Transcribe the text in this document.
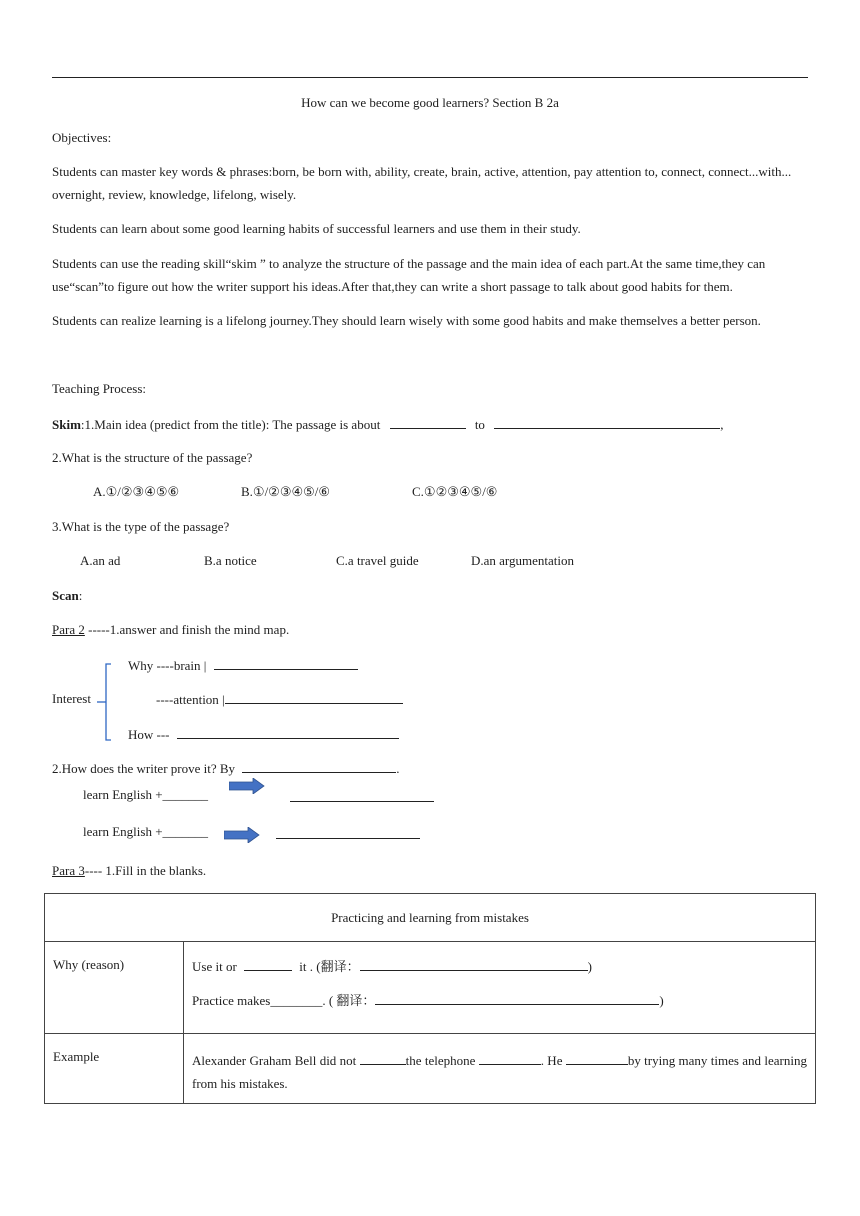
How can we become good learners? Section B 2a
Objectives:
Students can master key words & phrases:born, be born with, ability, create, brain, active, attention, pay attention to, connect, connect...with... overnight, review, knowledge, lifelong, wisely.
Students can learn about some good learning habits of successful learners and use them in their study.
Students can use the reading skill“skim ” to analyze the structure of the passage and the main idea of each part.At the same time,they can use“scan”to figure out how the writer support his ideas.After that,they can write a short passage to talk about good habits for them.
Students can realize learning is a lifelong journey.They should learn wisely with some good habits and make themselves a better person.
Teaching Process:
Skim:1.Main idea (predict from the title): The passage is about	to	,
2.What is the structure of the passage?
A.①/②③④⑤⑥	B.①/②③④⑤/⑥	C.①②③④⑤/⑥
3.What is the type of the passage?
A.an ad	B.a notice	C.a travel guide	D.an argumentation
Scan:
Para 2 -----1.answer and finish the mind map.
Interest
Why ----brain |
----attention |
How ---
2.How does the writer prove it? By	.
learn English +_______
learn English +_______
Para 3---- 1.Fill in the blanks.
Practicing and learning from mistakes	
Why (reason)	Use it or it . (翻译： )
Practice makes________. ( 翻译： )

Example	Alexander Graham Bell did not the telephone . He by trying many times and learning from his mistakes.
